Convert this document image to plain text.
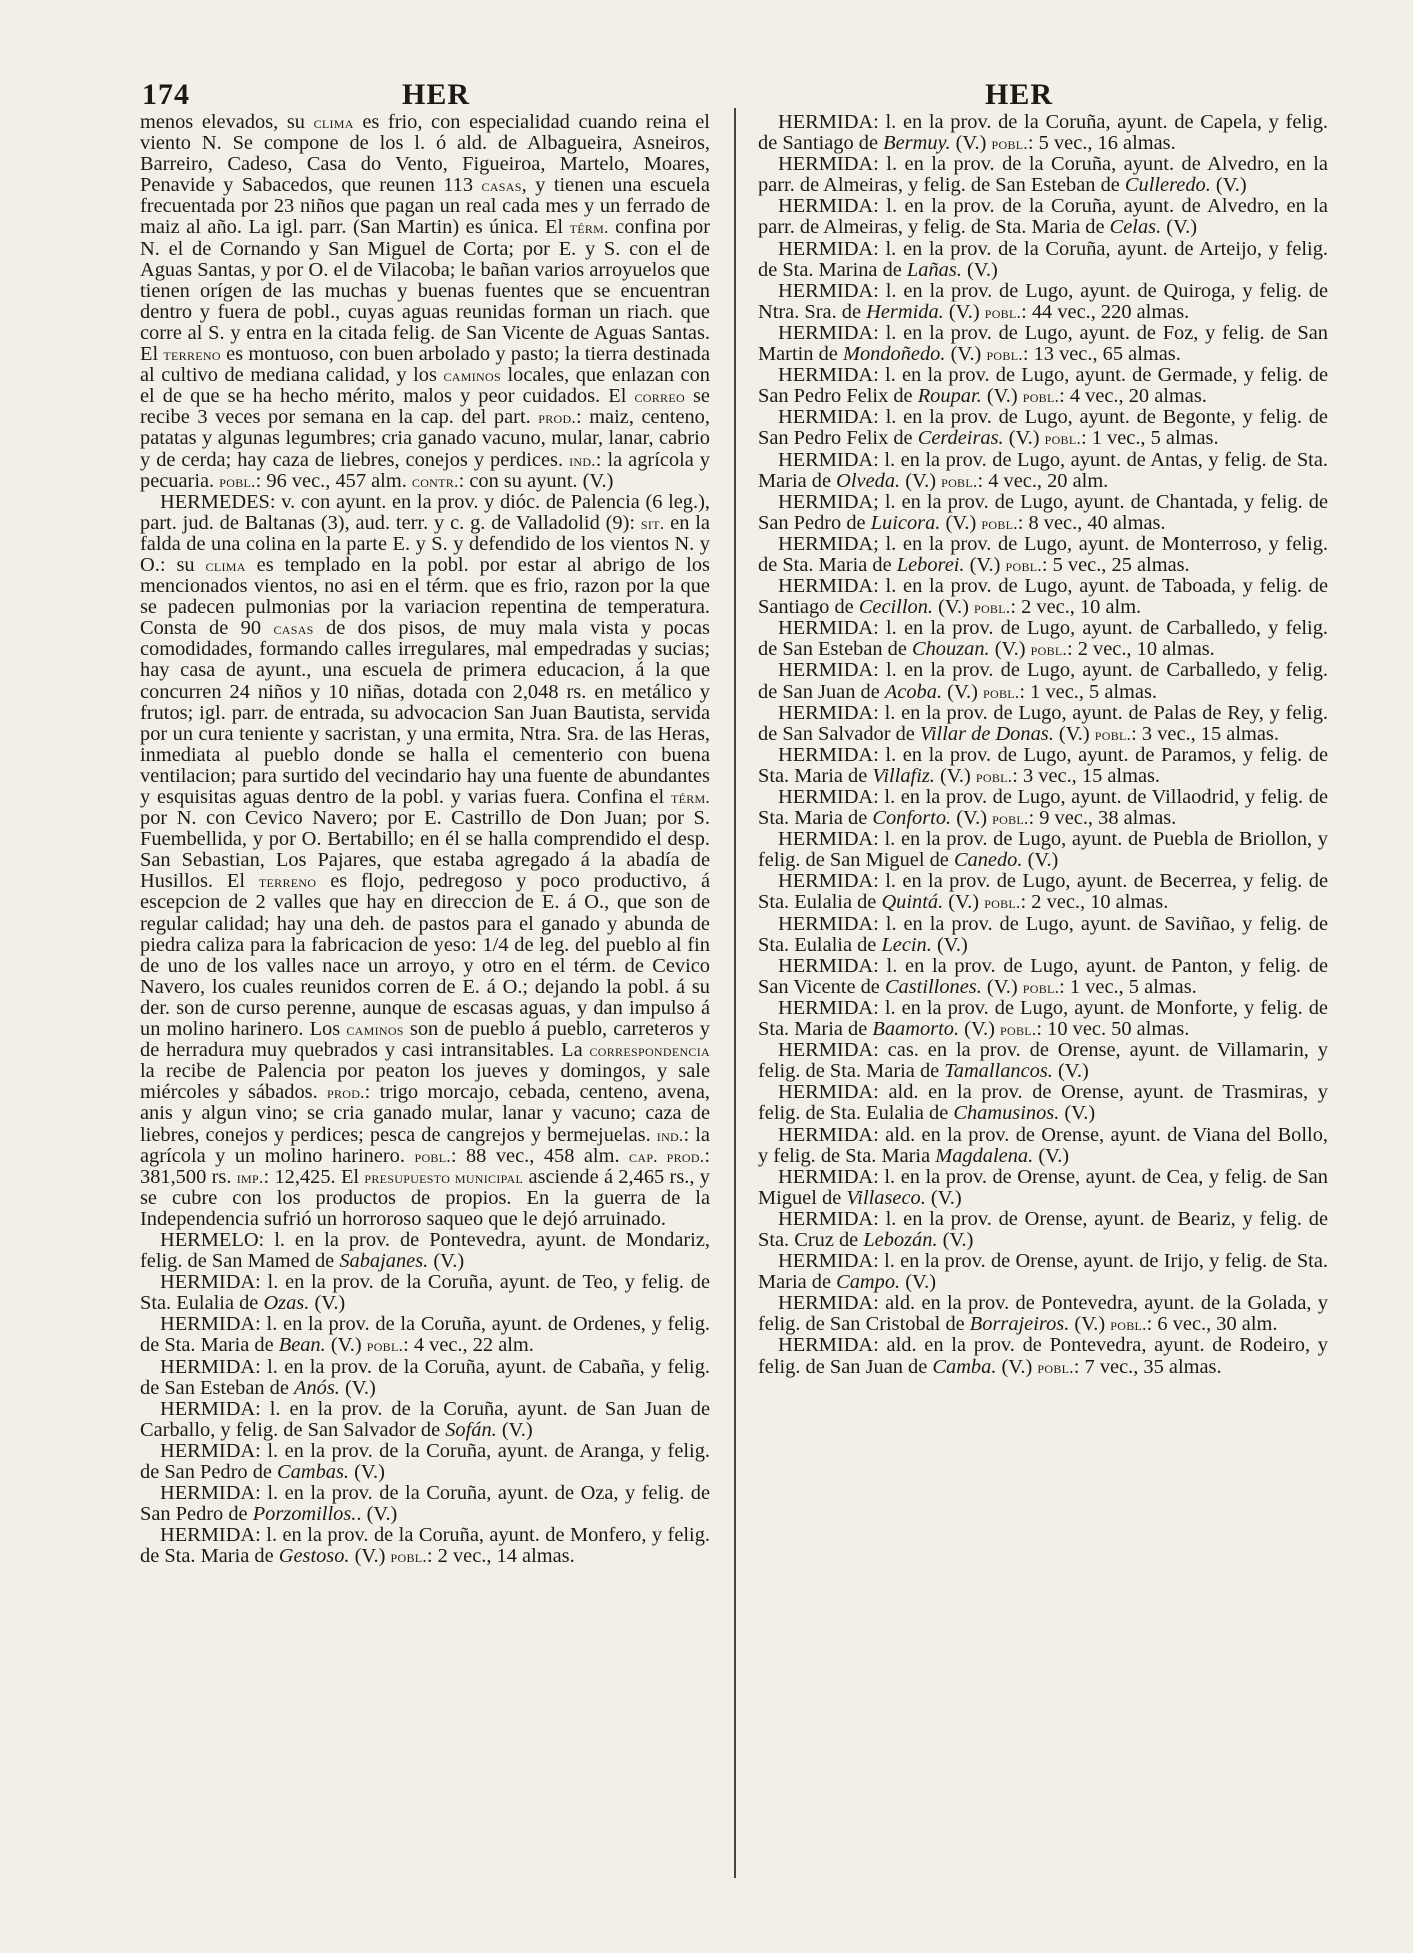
174	HER	HER

menos elevados, su clima es frio, con especialidad cuando reina el viento N. Se compone de los l. ó ald. de Albagueira, Asneiros, Barreiro, Cadeso, Casa do Vento, Figueiroa, Martelo, Moares, Penavide y Sabacedos, que reunen 113 casas, y tienen una escuela frecuentada por 23 niños que pagan un real cada mes y un ferrado de maiz al año. La igl. parr. (San Martin) es única. El térm. confina por N. el de Cornando y San Miguel de Corta; por E. y S. con el de Aguas Santas, y por O. el de Vilacoba; le bañan varios arroyuelos que tienen orígen de las muchas y buenas fuentes que se encuentran dentro y fuera de pobl., cuyas aguas reunidas forman un riach. que corre al S. y entra en la citada felig. de San Vicente de Aguas Santas. El terreno es montuoso, con buen arbolado y pasto; la tierra destinada al cultivo de mediana calidad, y los caminos locales, que enlazan con el de que se ha hecho mérito, malos y peor cuidados. El correo se recibe 3 veces por semana en la cap. del part. prod.: maiz, centeno, patatas y algunas legumbres; cria ganado vacuno, mular, lanar, cabrio y de cerda; hay caza de liebres, conejos y perdices. ind.: la agrícola y pecuaria. pobl.: 96 vec., 457 alm. contr.: con su ayunt. (V.)

HERMEDES: v. con ayunt. en la prov. y dióc. de Palencia (6 leg.), part. jud. de Baltanas (3), aud. terr. y c. g. de Valladolid (9): sit. en la falda de una colina en la parte E. y S. y defendido de los vientos N. y O.: su clima es templado en la pobl. por estar al abrigo de los mencionados vientos, no asi en el térm. que es frio, razon por la que se padecen pulmonias por la variacion repentina de temperatura. Consta de 90 casas de dos pisos, de muy mala vista y pocas comodidades, formando calles irregulares, mal empedradas y sucias; hay casa de ayunt., una escuela de primera educacion, á la que concurren 24 niños y 10 niñas, dotada con 2,048 rs. en metálico y frutos; igl. parr. de entrada, su advocacion San Juan Bautista, servida por un cura teniente y sacristan, y una ermita, Ntra. Sra. de las Heras, inmediata al pueblo donde se halla el cementerio con buena ventilacion; para surtido del vecindario hay una fuente de abundantes y esquisitas aguas dentro de la pobl. y varias fuera. Confina el térm. por N. con Cevico Navero; por E. Castrillo de Don Juan; por S. Fuembellida, y por O. Bertabillo; en él se halla comprendido el desp. San Sebastian, Los Pajares, que estaba agregado á la abadía de Husillos. El terreno es flojo, pedregoso y poco productivo, á escepcion de 2 valles que hay en direccion de E. á O., que son de regular calidad; hay una deh. de pastos para el ganado y abunda de piedra caliza para la fabricacion de yeso: 1/4 de leg. del pueblo al fin de uno de los valles nace un arroyo, y otro en el térm. de Cevico Navero, los cuales reunidos corren de E. á O.; dejando la pobl. á su der. son de curso perenne, aunque de escasas aguas, y dan impulso á un molino harinero. Los caminos son de pueblo á pueblo, carreteros y de herradura muy quebrados y casi intransitables. La correspondencia la recibe de Palencia por peaton los jueves y domingos, y sale miércoles y sábados. prod.: trigo morcajo, cebada, centeno, avena, anis y algun vino; se cria ganado mular, lanar y vacuno; caza de liebres, conejos y perdices; pesca de cangrejos y bermejuelas. ind.: la agrícola y un molino harinero. pobl.: 88 vec., 458 alm. cap. prod.: 381,500 rs. imp.: 12,425. El presupuesto municipal asciende á 2,465 rs., y se cubre con los productos de propios. En la guerra de la Independencia sufrió un horroroso saqueo que le dejó arruinado.

HERMELO: l. en la prov. de Pontevedra, ayunt. de Mondariz, felig. de San Mamed de Sabajanes. (V.)

HERMIDA: l. en la prov. de la Coruña, ayunt. de Teo, y felig. de Sta. Eulalia de Ozas. (V.)

HERMIDA: l. en la prov. de la Coruña, ayunt. de Ordenes, y felig. de Sta. Maria de Bean. (V.) pobl.: 4 vec., 22 alm.

HERMIDA: l. en la prov. de la Coruña, ayunt. de Cabaña, y felig. de San Esteban de Anós. (V.)

HERMIDA: l. en la prov. de la Coruña, ayunt. de San Juan de Carballo, y felig. de San Salvador de Sofán. (V.)

HERMIDA: l. en la prov. de la Coruña, ayunt. de Aranga, y felig. de San Pedro de Cambas. (V.)

HERMIDA: l. en la prov. de la Coruña, ayunt. de Oza, y felig. de San Pedro de Porzomillos.. (V.)

HERMIDA: l. en la prov. de la Coruña, ayunt. de Monfero, y felig. de Sta. Maria de Gestoso. (V.) pobl.: 2 vec., 14 almas.

HERMIDA: l. en la prov. de la Coruña, ayunt. de Capela, y felig. de Santiago de Bermuy. (V.) pobl.: 5 vec., 16 almas.

HERMIDA: l. en la prov. de la Coruña, ayunt. de Alvedro, en la parr. de Almeiras, y felig. de San Esteban de Culleredo. (V.)

HERMIDA: l. en la prov. de la Coruña, ayunt. de Alvedro, en la parr. de Almeiras, y felig. de Sta. Maria de Celas. (V.)

HERMIDA: l. en la prov. de la Coruña, ayunt. de Arteijo, y felig. de Sta. Marina de Lañas. (V.)

HERMIDA: l. en la prov. de Lugo, ayunt. de Quiroga, y felig. de Ntra. Sra. de Hermida. (V.) pobl.: 44 vec., 220 almas.

HERMIDA: l. en la prov. de Lugo, ayunt. de Foz, y felig. de San Martin de Mondoñedo. (V.) pobl.: 13 vec., 65 almas.

HERMIDA: l. en la prov. de Lugo, ayunt. de Germade, y felig. de San Pedro Felix de Roupar. (V.) pobl.: 4 vec., 20 almas.

HERMIDA: l. en la prov. de Lugo, ayunt. de Begonte, y felig. de San Pedro Felix de Cerdeiras. (V.) pobl.: 1 vec., 5 almas.

HERMIDA: l. en la prov. de Lugo, ayunt. de Antas, y felig. de Sta. Maria de Olveda. (V.) pobl.: 4 vec., 20 alm.

HERMIDA; l. en la prov. de Lugo, ayunt. de Chantada, y felig. de San Pedro de Luicora. (V.) pobl.: 8 vec., 40 almas.

HERMIDA; l. en la prov. de Lugo, ayunt. de Monterroso, y felig. de Sta. Maria de Leborei. (V.) pobl.: 5 vec., 25 almas.

HERMIDA: l. en la prov. de Lugo, ayunt. de Taboada, y felig. de Santiago de Cecillon. (V.) pobl.: 2 vec., 10 alm.

HERMIDA: l. en la prov. de Lugo, ayunt. de Carballedo, y felig. de San Esteban de Chouzan. (V.) pobl.: 2 vec., 10 almas.

HERMIDA: l. en la prov. de Lugo, ayunt. de Carballedo, y felig. de San Juan de Acoba. (V.) pobl.: 1 vec., 5 almas.

HERMIDA: l. en la prov. de Lugo, ayunt. de Palas de Rey, y felig. de San Salvador de Villar de Donas. (V.) pobl.: 3 vec., 15 almas.

HERMIDA: l. en la prov. de Lugo, ayunt. de Paramos, y felig. de Sta. Maria de Villafiz. (V.) pobl.: 3 vec., 15 almas.

HERMIDA: l. en la prov. de Lugo, ayunt. de Villaodrid, y felig. de Sta. Maria de Conforto. (V.) pobl.: 9 vec., 38 almas.

HERMIDA: l. en la prov. de Lugo, ayunt. de Puebla de Briollon, y felig. de San Miguel de Canedo. (V.)

HERMIDA: l. en la prov. de Lugo, ayunt. de Becerrea, y felig. de Sta. Eulalia de Quintá. (V.) pobl.: 2 vec., 10 almas.

HERMIDA: l. en la prov. de Lugo, ayunt. de Saviñao, y felig. de Sta. Eulalia de Lecin. (V.)

HERMIDA: l. en la prov. de Lugo, ayunt. de Panton, y felig. de San Vicente de Castillones. (V.) pobl.: 1 vec., 5 almas.

HERMIDA: l. en la prov. de Lugo, ayunt. de Monforte, y felig. de Sta. Maria de Baamorto. (V.) pobl.: 10 vec. 50 almas.

HERMIDA: cas. en la prov. de Orense, ayunt. de Villamarin, y felig. de Sta. Maria de Tamallancos. (V.)

HERMIDA: ald. en la prov. de Orense, ayunt. de Trasmiras, y felig. de Sta. Eulalia de Chamusinos. (V.)

HERMIDA: ald. en la prov. de Orense, ayunt. de Viana del Bollo, y felig. de Sta. Maria Magdalena. (V.)

HERMIDA: l. en la prov. de Orense, ayunt. de Cea, y felig. de San Miguel de Villaseco. (V.)

HERMIDA: l. en la prov. de Orense, ayunt. de Beariz, y felig. de Sta. Cruz de Lebozán. (V.)

HERMIDA: l. en la prov. de Orense, ayunt. de Irijo, y felig. de Sta. Maria de Campo. (V.)

HERMIDA: ald. en la prov. de Pontevedra, ayunt. de la Golada, y felig. de San Cristobal de Borrajeiros. (V.) pobl.: 6 vec., 30 alm.

HERMIDA: ald. en la prov. de Pontevedra, ayunt. de Rodeiro, y felig. de San Juan de Camba. (V.) pobl.: 7 vec., 35 almas.
